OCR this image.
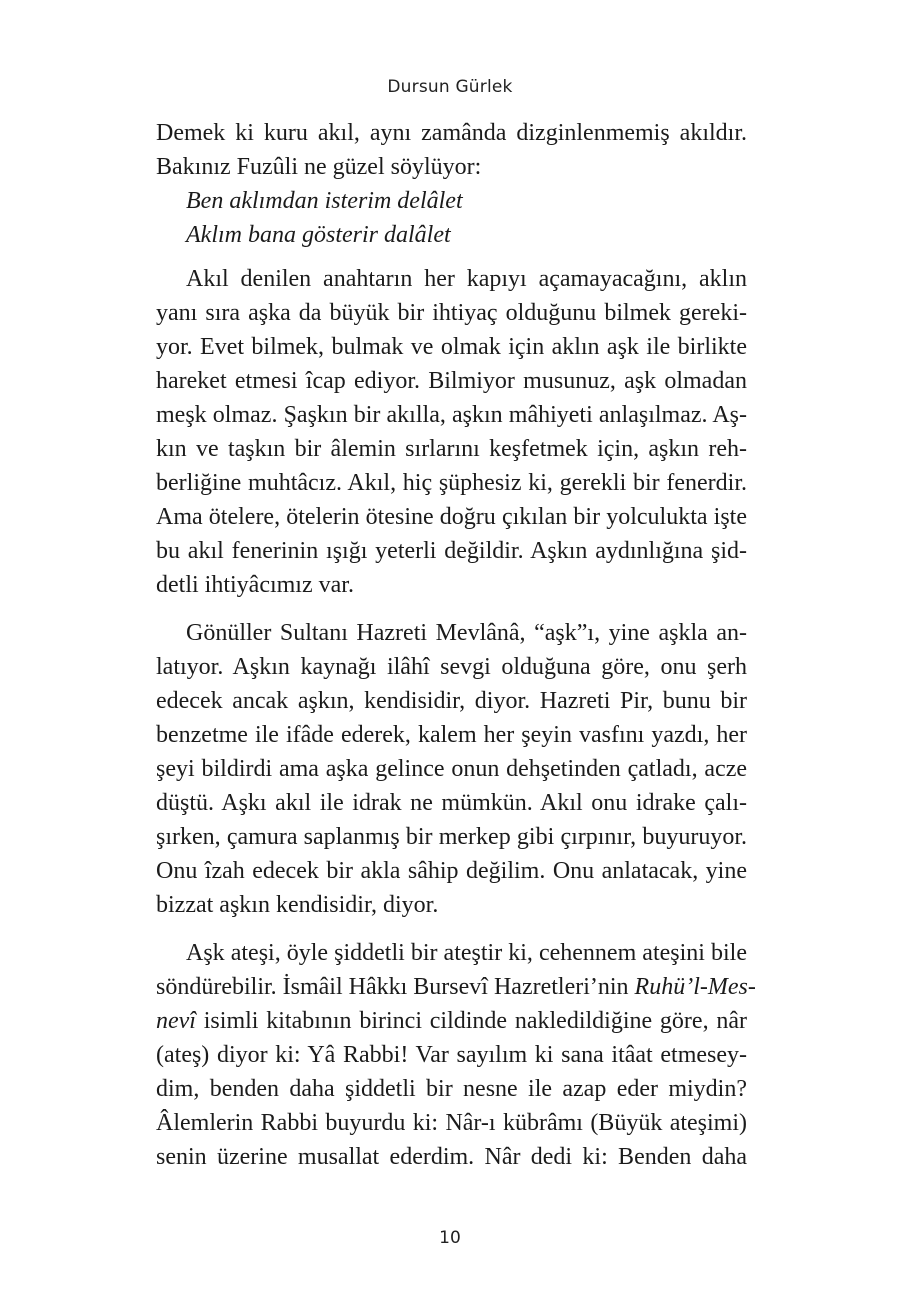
Dursun Gürlek

Demek ki kuru akıl, aynı zamânda dizginlenmemiş akıldır.
Bakınız Fuzûli ne güzel söylüyor:

Ben aklımdan isterim delâlet

Aklım bana gösterir dalâlet

Akıl denilen anahtarın her kapıyı açamayacağını, aklın
yanı sıra aşka da büyük bir ihtiyaç olduğunu bilmek gereki-
yor. Evet bilmek, bulmak ve olmak için aklın aşk ile birlikte
hareket etmesi îcap ediyor. Bilmiyor musunuz, aşk olmadan
meşk olmaz. Şaşkın bir akılla, aşkın mâhiyeti anlaşılmaz. Aş-
kın ve taşkın bir âlemin sırlarını keşfetmek için, aşkın reh-
berliğine muhtâcız. Akıl, hiç şüphesiz ki, gerekli bir fenerdir.
Ama ötelere, ötelerin ötesine doğru çıkılan bir yolculukta işte
bu akıl fenerinin ışığı yeterli değildir. Aşkın aydınlığına şid-
detli ihtiyâcımız var.

Gönüller Sultanı Hazreti Mevlânâ, “aşk”ı, yine aşkla an-
latıyor. Aşkın kaynağı ilâhî sevgi olduğuna göre, onu şerh
edecek ancak aşkın, kendisidir, diyor. Hazreti Pir, bunu bir
benzetme ile ifâde ederek, kalem her şeyin vasfını yazdı, her
şeyi bildirdi ama aşka gelince onun dehşetinden çatladı, acze
düştü. Aşkı akıl ile idrak ne mümkün. Akıl onu idrake çalı-
şırken, çamura saplanmış bir merkep gibi çırpınır, buyuruyor.
Onu îzah edecek bir akla sâhip değilim. Onu anlatacak, yine
bizzat aşkın kendisidir, diyor.

Aşk ateşi, öyle şiddetli bir ateştir ki, cehennem ateşini bile
söndürebilir. İsmâil Hâkkı Bursevî Hazretleri’nin Ruhü’l-Mes-
nevî isimli kitabının birinci cildinde nakledildiğine göre, nâr
(ateş) diyor ki: Yâ Rabbi! Var sayılım ki sana itâat etmesey-
dim, benden daha şiddetli bir nesne ile azap eder miydin?
Âlemlerin Rabbi buyurdu ki: Nâr-ı kübrâmı (Büyük ateşimi)
senin üzerine musallat ederdim. Nâr dedi ki: Benden daha

10
